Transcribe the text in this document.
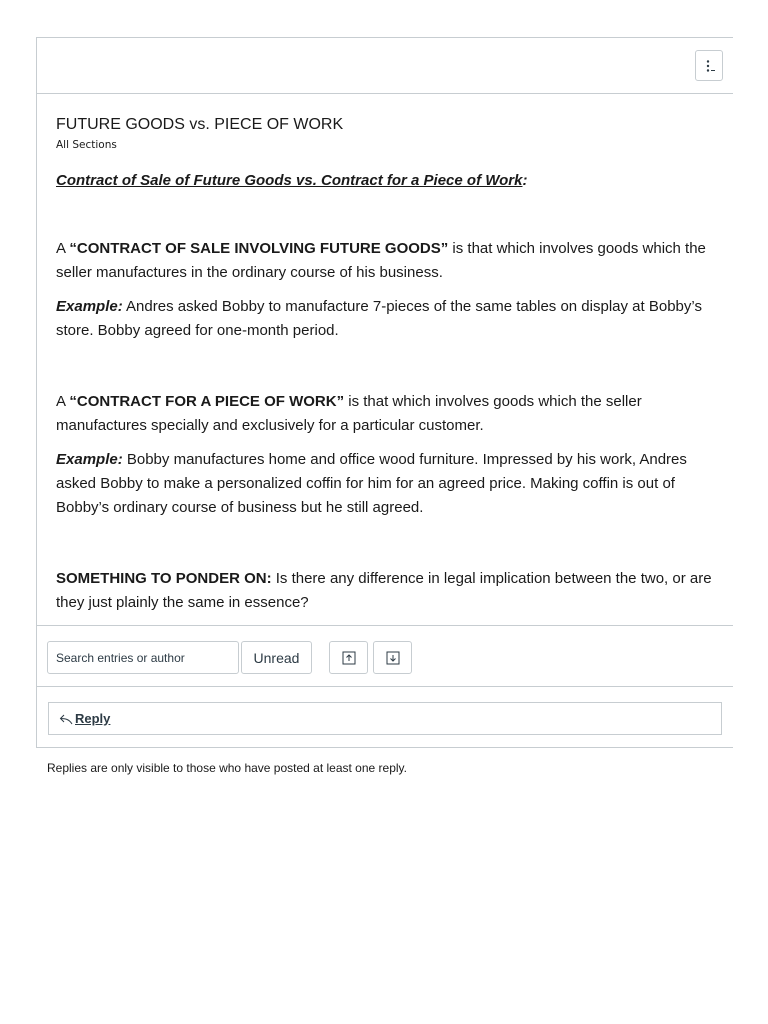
FUTURE GOODS vs. PIECE OF WORK
All Sections
Contract of Sale of Future Goods vs. Contract for a Piece of Work:

A “CONTRACT OF SALE INVOLVING FUTURE GOODS” is that which involves goods which the seller manufactures in the ordinary course of his business.

Example: Andres asked Bobby to manufacture 7-pieces of the same tables on display at Bobby’s store. Bobby agreed for one-month period.

A “CONTRACT FOR A PIECE OF WORK” is that which involves goods which the seller manufactures specially and exclusively for a particular customer.

Example: Bobby manufactures home and office wood furniture. Impressed by his work, Andres asked Bobby to make a personalized coffin for him for an agreed price. Making coffin is out of Bobby’s ordinary course of business but he still agreed.

SOMETHING TO PONDER ON: Is there any difference in legal implication between the two, or are they just plainly the same in essence?

Search entries or author
Unread
Reply
Replies are only visible to those who have posted at least one reply.
